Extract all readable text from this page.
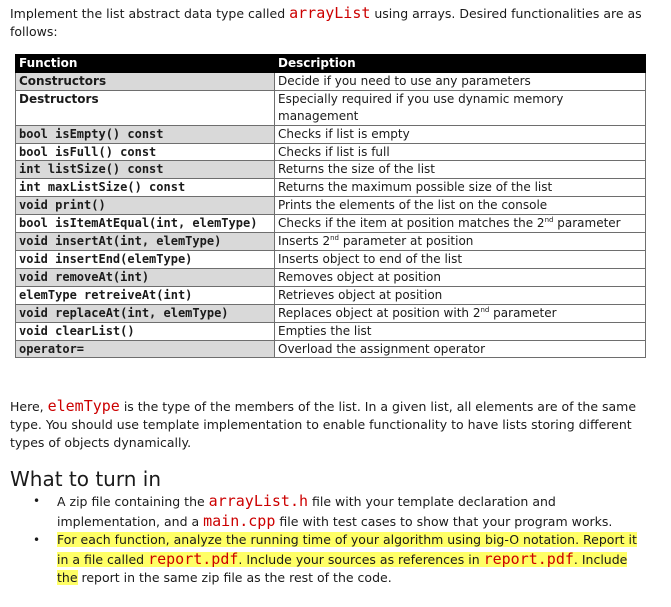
Implement the list abstract data type called arrayList using arrays. Desired functionalities are as follows:
Function	Description
Constructors	Decide if you need to use any parameters
Destructors	Especially required if you use dynamic memory management
bool isEmpty() const	Checks if list is empty
bool isFull() const	Checks if list is full
int listSize() const	Returns the size of the list
int maxListSize() const	Returns the maximum possible size of the list
void print()	Prints the elements of the list on the console
bool isItemAtEqual(int, elemType)	Checks if the item at position matches the 2nd parameter
void insertAt(int, elemType)	Inserts 2nd parameter at position
void insertEnd(elemType)	Inserts object to end of the list
void removeAt(int)	Removes object at position
elemType retreiveAt(int)	Retrieves object at position
void replaceAt(int, elemType)	Replaces object at position with 2nd parameter
void clearList()	Empties the list
operator=	Overload the assignment operator
Here, elemType is the type of the members of the list. In a given list, all elements are of the same type. You should use template implementation to enable functionality to have lists storing different types of objects dynamically.
What to turn in
• A zip file containing the arrayList.h file with your template declaration and implementation, and a main.cpp file with test cases to show that your program works.
• For each function, analyze the running time of your algorithm using big-O notation. Report it in a file called report.pdf. Include your sources as references in report.pdf. Include the report in the same zip file as the rest of the code.
